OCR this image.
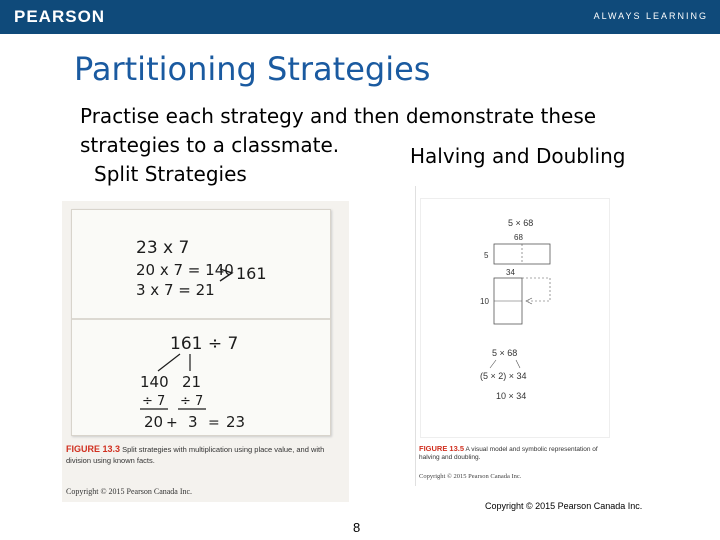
PEARSON	ALWAYS LEARNING
Partitioning Strategies
Practise each strategy and then demonstrate these
strategies to a classmate.	Halving and Doubling
Split Strategies
23 x 7
20 x 7 = 140
3 x 7 = 21
161
161 ÷ 7
140
÷ 7
20
21
÷ 7
+ 3 = 23
FIGURE 13.3 Split strategies with multiplication using place value, and with division using known facts.
Copyright © 2015 Pearson Canada Inc.
5 × 68
68
5
34
10
5 × 68
(5 × 2) × 34
10 × 34
FIGURE 13.5 A visual model and symbolic representation of halving and doubling.
Copyright © 2015 Pearson Canada Inc.
Copyright © 2015 Pearson Canada Inc.
8
